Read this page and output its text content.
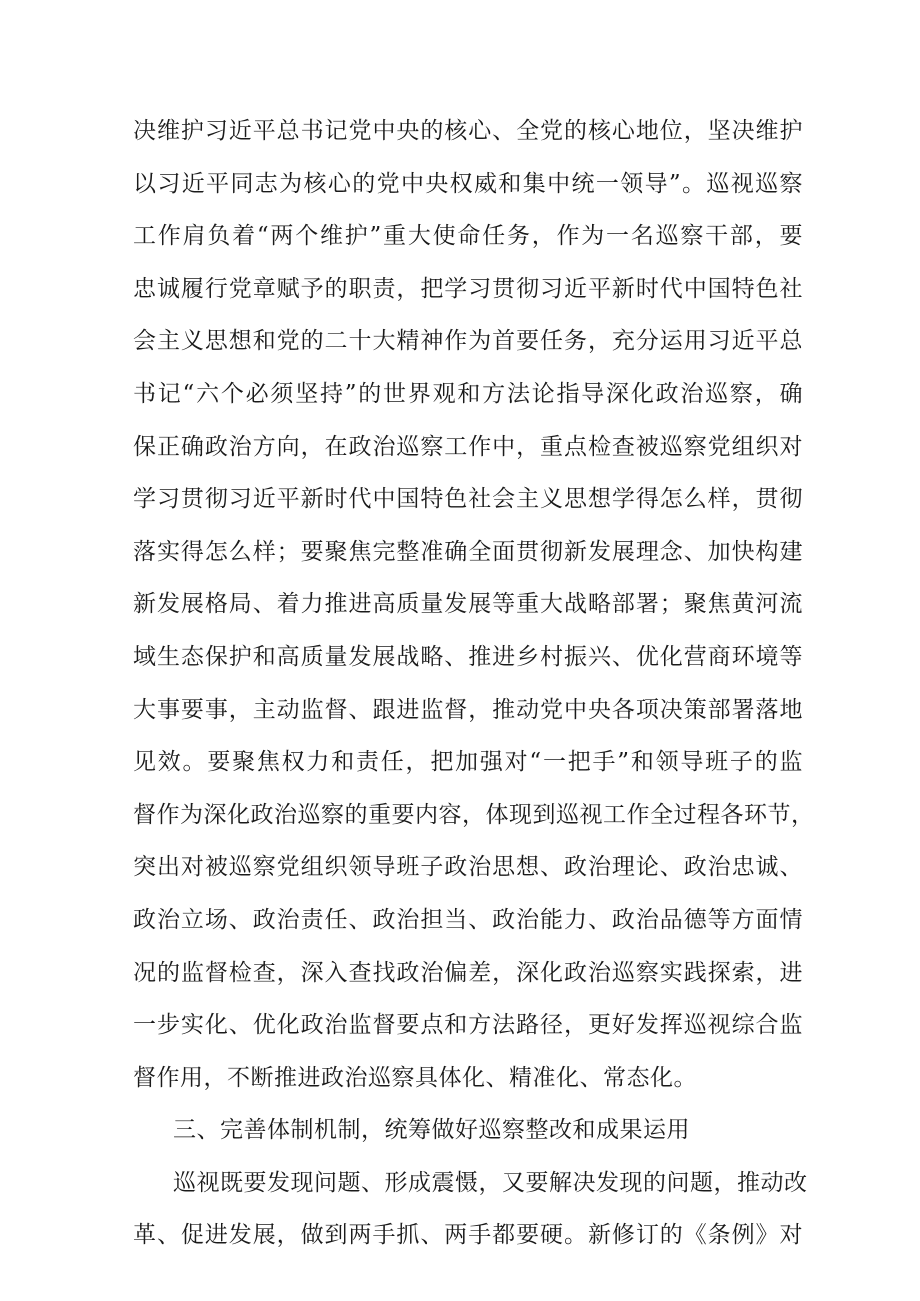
决维护习近平总书记党中央的核心、全党的核心地位，坚决维护
以习近平同志为核心的党中央权威和集中统一领导”。巡视巡察
工作肩负着“两个维护”重大使命任务，作为一名巡察干部，要
忠诚履行党章赋予的职责，把学习贯彻习近平新时代中国特色社
会主义思想和党的二十大精神作为首要任务，充分运用习近平总
书记“六个必须坚持”的世界观和方法论指导深化政治巡察，确
保正确政治方向，在政治巡察工作中，重点检查被巡察党组织对
学习贯彻习近平新时代中国特色社会主义思想学得怎么样，贯彻
落实得怎么样；要聚焦完整准确全面贯彻新发展理念、加快构建
新发展格局、着力推进高质量发展等重大战略部署；聚焦黄河流
域生态保护和高质量发展战略、推进乡村振兴、优化营商环境等
大事要事，主动监督、跟进监督，推动党中央各项决策部署落地
见效。要聚焦权力和责任，把加强对“一把手”和领导班子的监
督作为深化政治巡察的重要内容，体现到巡视工作全过程各环节，
突出对被巡察党组织领导班子政治思想、政治理论、政治忠诚、
政治立场、政治责任、政治担当、政治能力、政治品德等方面情
况的监督检查，深入查找政治偏差，深化政治巡察实践探索，进
一步实化、优化政治监督要点和方法路径，更好发挥巡视综合监
督作用，不断推进政治巡察具体化、精准化、常态化。
三、完善体制机制，统筹做好巡察整改和成果运用
巡视既要发现问题、形成震慑，又要解决发现的问题，推动改
革、促进发展，做到两手抓、两手都要硬。新修订的《条例》对
